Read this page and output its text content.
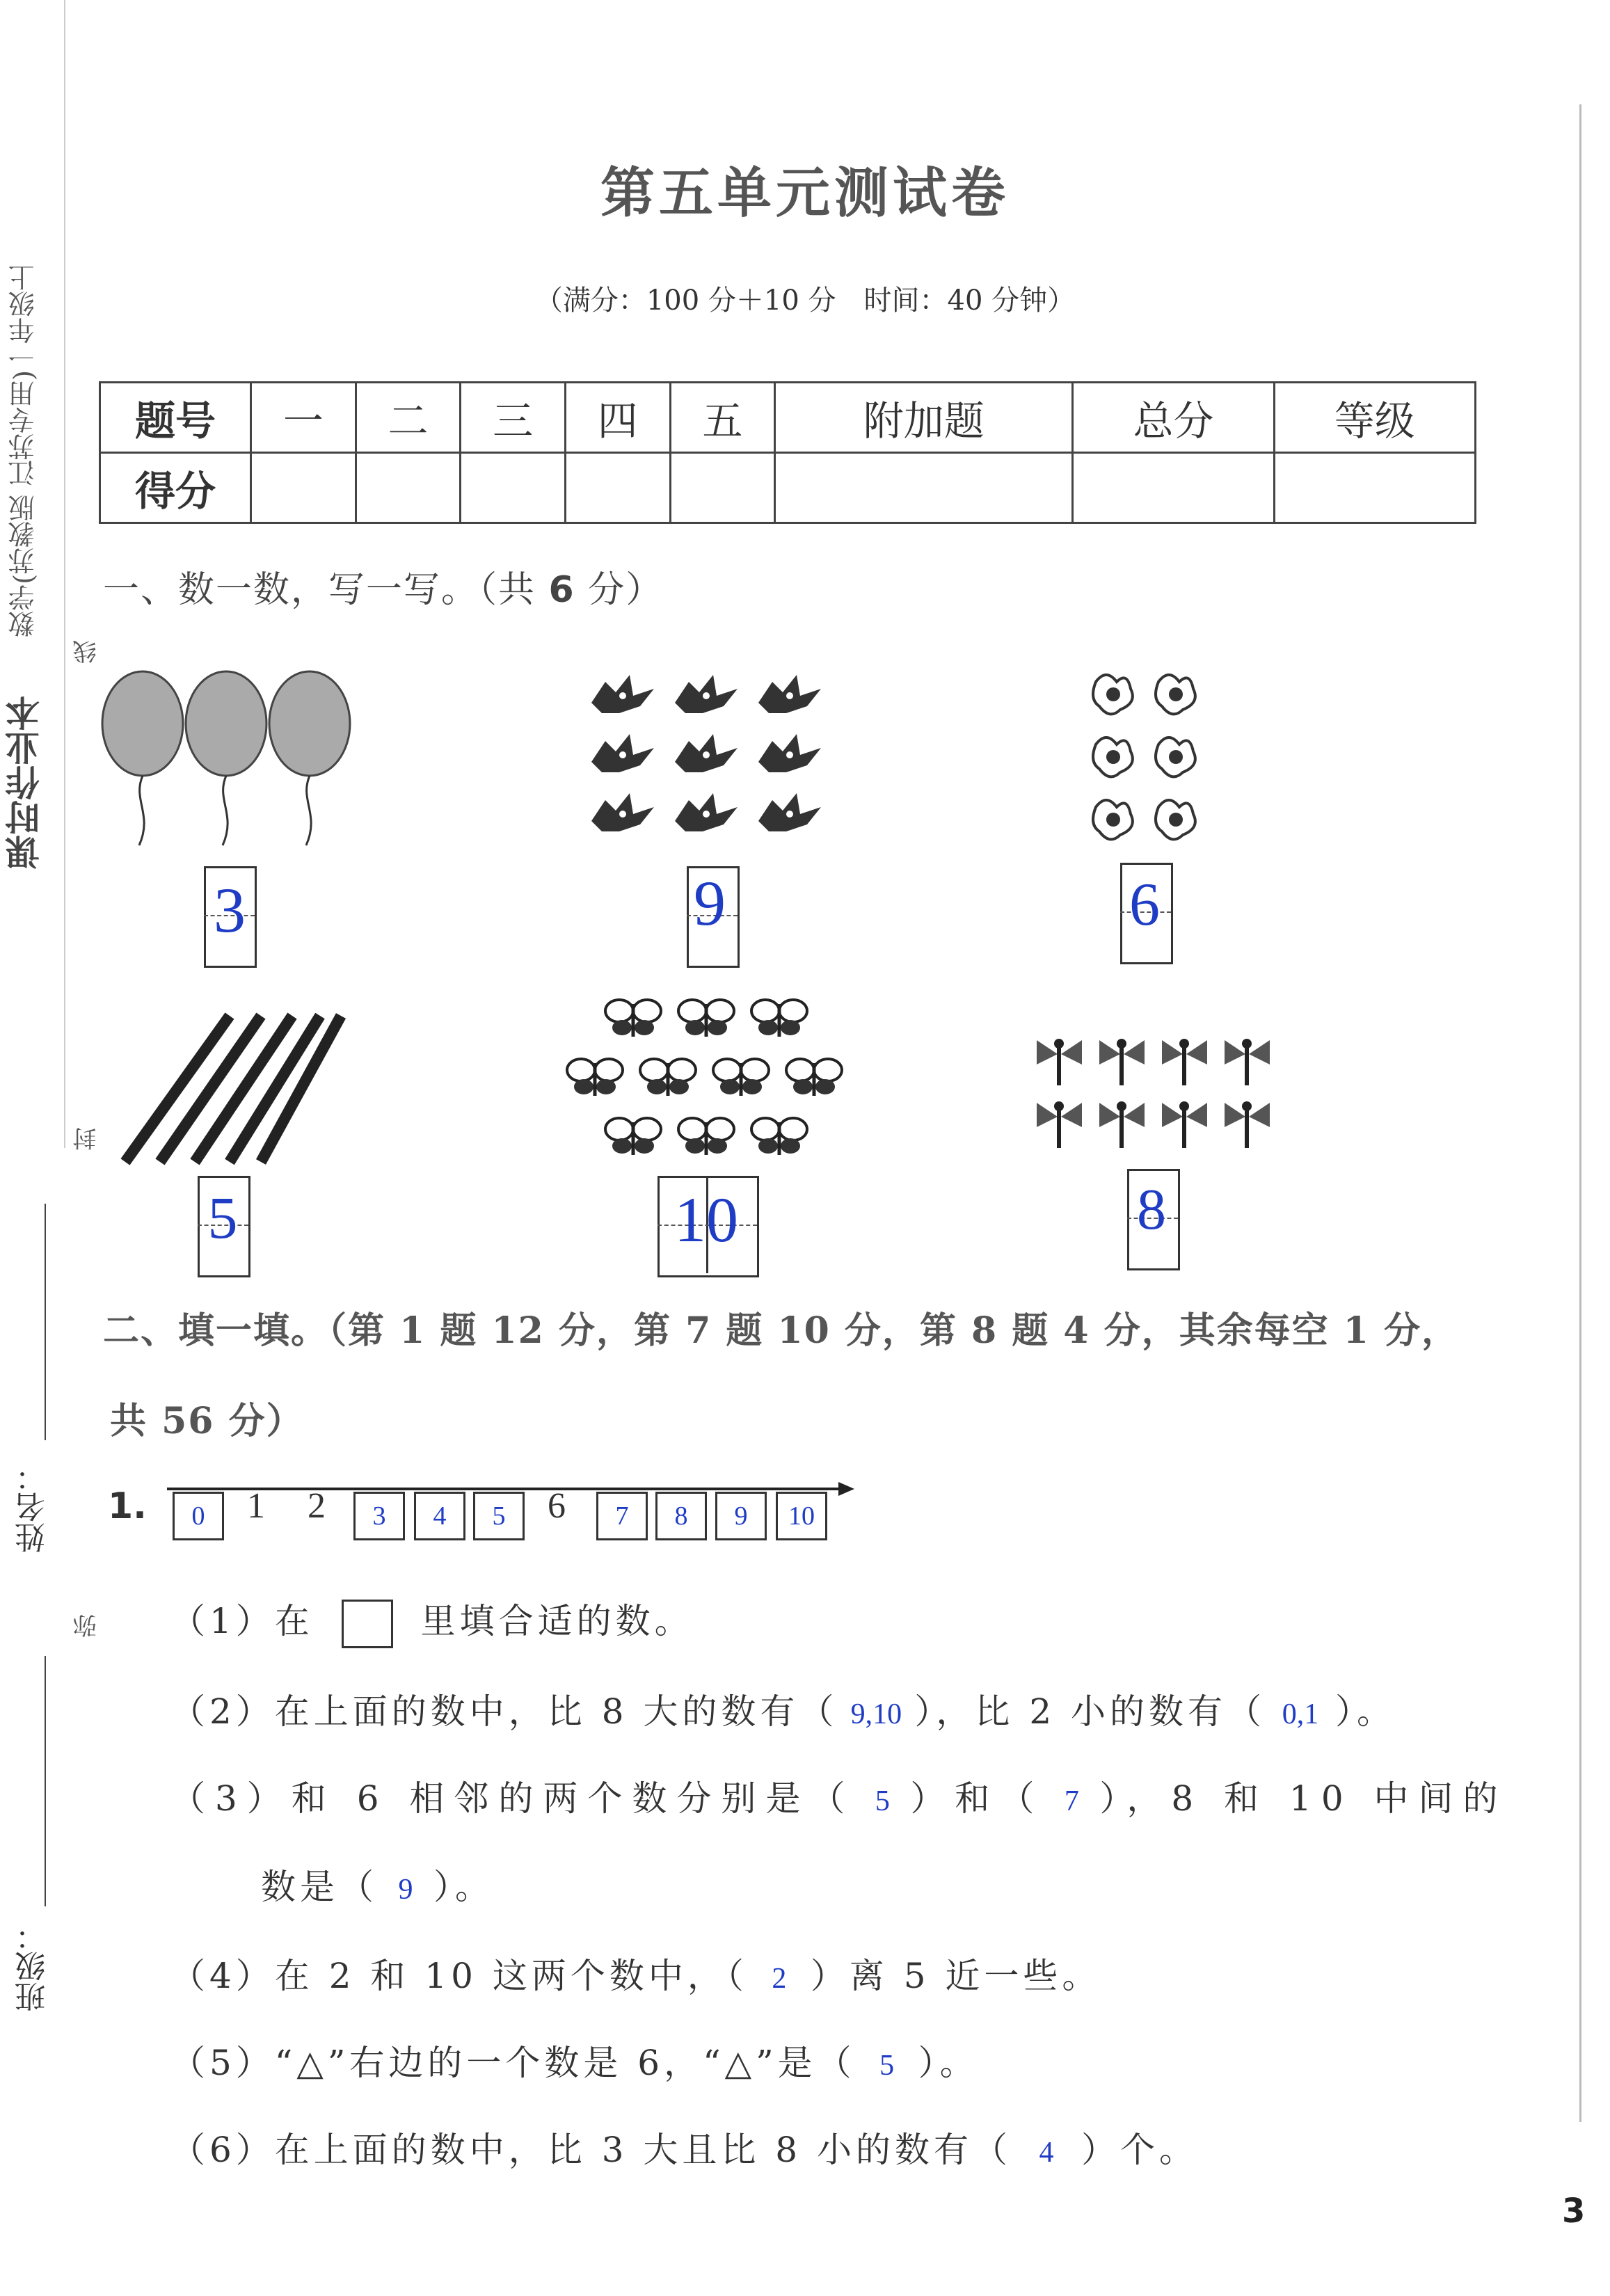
数学(苏教版 江苏专用)一年级上
课时作业本
线
封
弥
姓名：
班级：
第五单元测试卷
（满分：100 分＋10 分　时间：40 分钟）
题号	一	二	三	四	五	附加题	总分	等级
得分								
一、数一数，写一写。（共 6 分）
3	9	6
5	10	8
二、填一填。（第 1 题 12 分，第 7 题 10 分，第 8 题 4 分，其余每空 1 分，
共 56 分）
1.	0	1 2	3	4	5	6	7	8	9	10
（1）在	里填合适的数。
（2）在上面的数中，比 8 大的数有（ 9,10 ），比 2 小的数有（ 0,1 ）。
（3）和 6 相邻的两个数分别是（ 5 ）和（ 7 ），8 和 10 中间的
数是（ 9 ）。
（4）在 2 和 10 这两个数中，（ 2 ）离 5 近一些。
（5）“△”右边的一个数是 6，“△”是（ 5 ）。
（6）在上面的数中，比 3 大且比 8 小的数有（ 4 ）个。
3
